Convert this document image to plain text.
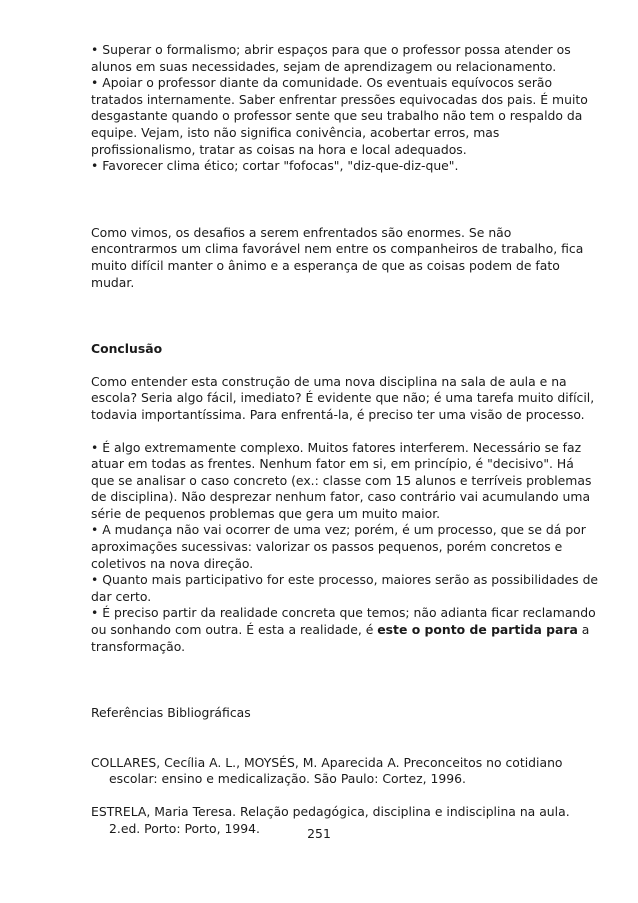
• Superar o formalismo; abrir espaços para que o professor possa atender os alunos em suas necessidades, sejam de aprendizagem ou relacionamento.

• Apoiar o professor diante da comunidade. Os eventuais equívocos serão tratados internamente. Saber enfrentar pressões equivocadas dos pais. É muito desgastante quando o professor sente que seu trabalho não tem o respaldo da equipe. Vejam, isto não significa conivência, acobertar erros, mas profissionalismo, tratar as coisas na hora e local adequados.

• Favorecer clima ético; cortar "fofocas", "diz-que-diz-que".

Como vimos, os desafios a serem enfrentados são enormes. Se não encontrarmos um clima favorável nem entre os companheiros de trabalho, fica muito difícil manter o ânimo e a esperança de que as coisas podem de fato mudar.

Conclusão

Como entender esta construção de uma nova disciplina na sala de aula e na escola? Seria algo fácil, imediato? É evidente que não; é uma tarefa muito difícil,

todavia importantíssima. Para enfrentá-la, é preciso ter uma visão de processo.

• É algo extremamente complexo. Muitos fatores interferem. Necessário se faz atuar em todas as frentes. Nenhum fator em si, em princípio, é "decisivo". Há que se analisar o caso concreto (ex.: classe com 15 alunos e terríveis problemas de disciplina). Não desprezar nenhum fator, caso contrário vai acumulando uma série de pequenos problemas que gera um muito maior.

• A mudança não vai ocorrer de uma vez; porém, é um processo, que se dá por aproximações sucessivas: valorizar os passos pequenos, porém concretos e coletivos na nova direção.

• Quanto mais participativo for este processo, maiores serão as possibilidades de dar certo.

• É preciso partir da realidade concreta que temos; não adianta ficar reclamando ou sonhando com outra. É esta a realidade, é este o ponto de partida para a transformação.

Referências Bibliográficas

COLLARES, Cecília A. L., MOYSÉS, M. Aparecida A. Preconceitos no cotidiano escolar: ensino e medicalização. São Paulo: Cortez, 1996.

ESTRELA, Maria Teresa. Relação pedagógica, disciplina e indisciplina na aula. 2.ed. Porto: Porto, 1994.	251
